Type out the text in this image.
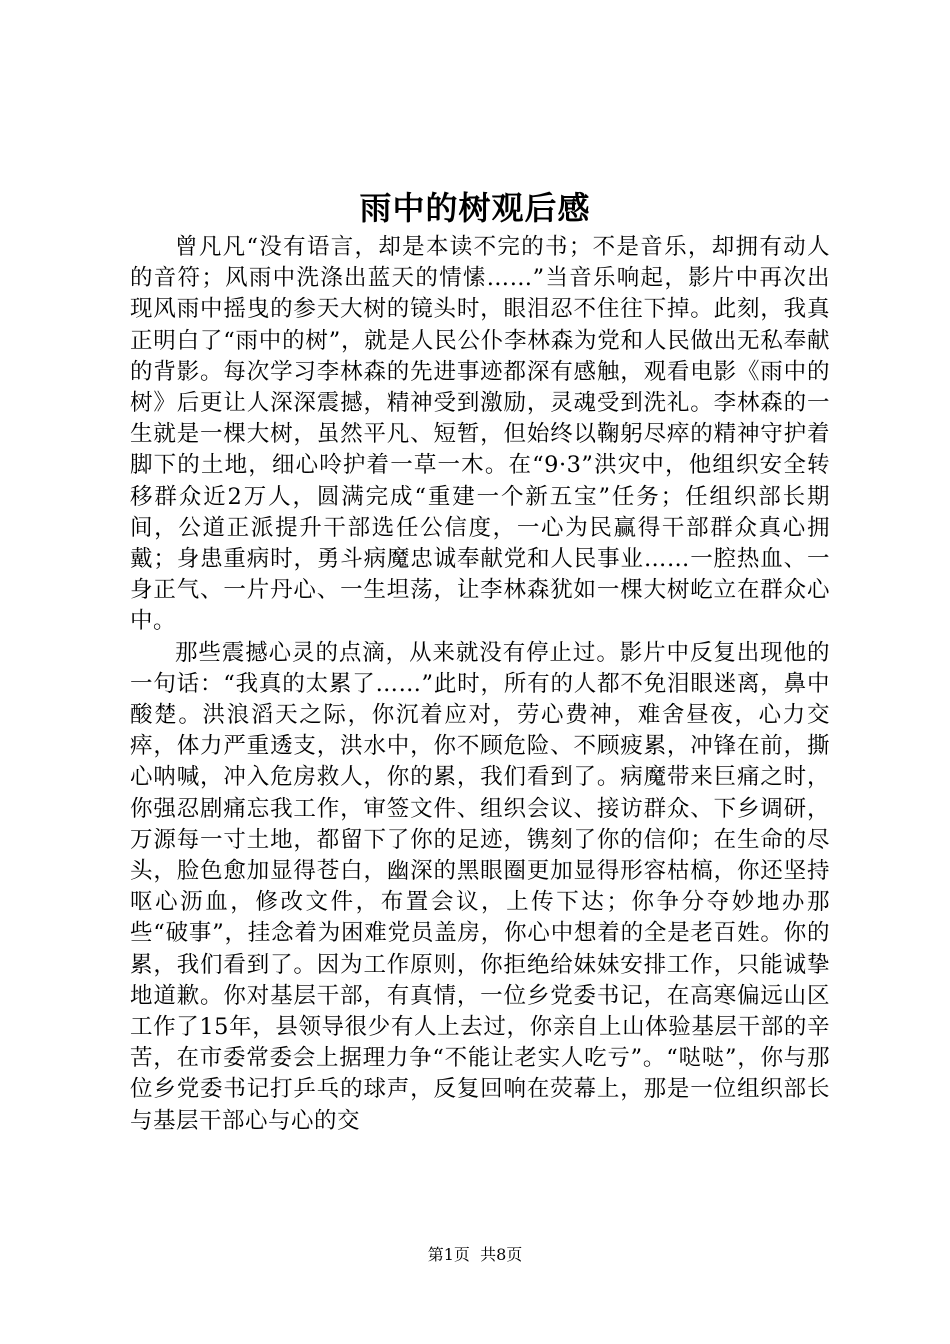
雨中的树观后感

曾凡凡“没有语言，却是本读不完的书；不是音乐，却拥有动人的音符；风雨中洗涤出蓝天的情愫……”当音乐响起，影片中再次出现风雨中摇曳的参天大树的镜头时，眼泪忍不住往下掉。此刻，我真正明白了“雨中的树”，就是人民公仆李林森为党和人民做出无私奉献的背影。每次学习李林森的先进事迹都深有感触，观看电影《雨中的树》后更让人深深震撼，精神受到激励，灵魂受到洗礼。李林森的一生就是一棵大树，虽然平凡、短暂，但始终以鞠躬尽瘁的精神守护着脚下的土地，细心呤护着一草一木。在“9·3”洪灾中，他组织安全转移群众近2万人，圆满完成“重建一个新五宝”任务；任组织部长期间，公道正派提升干部选任公信度，一心为民赢得干部群众真心拥戴；身患重病时，勇斗病魔忠诚奉献党和人民事业……一腔热血、一身正气、一片丹心、一生坦荡，让李林森犹如一棵大树屹立在群众心中。

那些震撼心灵的点滴，从来就没有停止过。影片中反复出现他的一句话：“我真的太累了……”此时，所有的人都不免泪眼迷离，鼻中酸楚。洪浪滔天之际，你沉着应对，劳心费神，难舍昼夜，心力交瘁，体力严重透支，洪水中，你不顾危险、不顾疲累，冲锋在前，撕心呐喊，冲入危房救人，你的累，我们看到了。病魔带来巨痛之时，你强忍剧痛忘我工作，审签文件、组织会议、接访群众、下乡调研，万源每一寸土地，都留下了你的足迹，镌刻了你的信仰；在生命的尽头，脸色愈加显得苍白，幽深的黑眼圈更加显得形容枯槁，你还坚持呕心沥血，修改文件，布置会议，上传下达；你争分夺妙地办那些“破事”，挂念着为困难党员盖房，你心中想着的全是老百姓。你的累，我们看到了。因为工作原则，你拒绝给妹妹安排工作，只能诚挚地道歉。你对基层干部，有真情，一位乡党委书记，在高寒偏远山区工作了15年，县领导很少有人上去过，你亲自上山体验基层干部的辛苦，在市委常委会上据理力争“不能让老实人吃亏”。“哒哒”，你与那位乡党委书记打乒乓的球声，反复回响在荧幕上，那是一位组织部长与基层干部心与心的交

第1页 共8页
